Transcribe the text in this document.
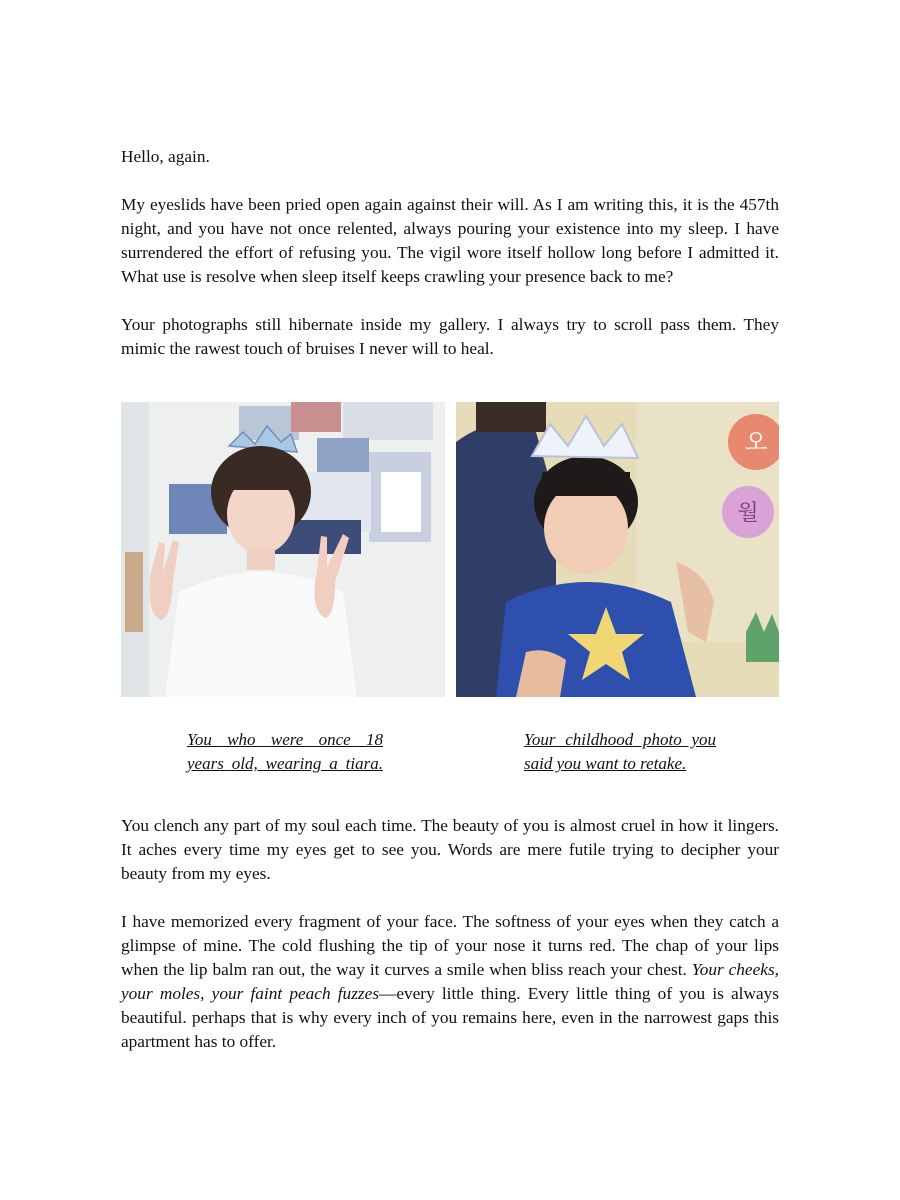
Hello, again.

My eyeslids have been pried open again against their will. As I am writing this, it is the 457th night, and you have not once relented, always pouring your existence into my sleep. I have surrendered the effort of refusing you. The vigil wore itself hollow long before I admitted it. What use is resolve when sleep itself keeps crawling your presence back to me?

Your photographs still hibernate inside my gallery. I always try to scroll pass them. They mimic the rawest touch of bruises I never will to heal.

오
월
You who were once 18
years old, wearing a tiara.
Your childhood photo you said you want to retake.

You clench any part of my soul each time. The beauty of you is almost cruel in how it lingers. It aches every time my eyes get to see you. Words are mere futile trying to decipher your beauty from my eyes.

I have memorized every fragment of your face. The softness of your eyes when they catch a glimpse of mine. The cold flushing the tip of your nose it turns red. The chap of your lips when the lip balm ran out, the way it curves a smile when bliss reach your chest. Your cheeks, your moles, your faint peach fuzzes—every little thing. Every little thing of you is always beautiful. perhaps that is why every inch of you remains here, even in the narrowest gaps this apartment has to offer.
